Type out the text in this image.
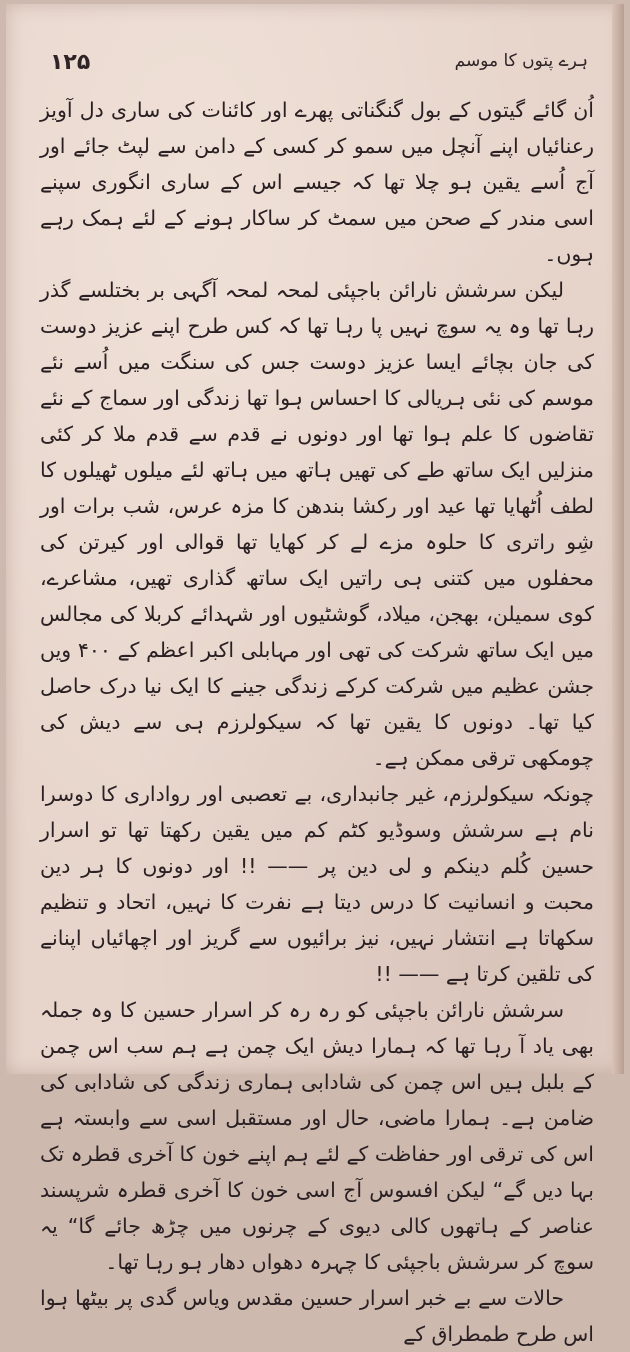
۱۲۵	ہرے پتوں کا موسم

اُن گائے گیتوں کے بول گنگناتی پھرے اور کائنات کی ساری دل آویز رعنائیاں اپنے آنچل میں سمو کر کسی کے دامن سے لپٹ جائے اور آج اُسے یقین ہو چلا تھا کہ جیسے اس کے ساری انگوری سپنے اسی مندر کے صحن میں سمٹ کر ساکار ہونے کے لئے ہمک رہے ہوں۔

لیکن سرشش نارائن باجپئی لمحہ لمحہ آگہی بر بختلسے گذر رہا تھا وہ یہ سوچ نہیں پا رہا تھا کہ کس طرح اپنے عزیز دوست کی جان بچائے ایسا عزیز دوست جس کی سنگت میں اُسے نئے موسم کی نئی ہریالی کا احساس ہوا تھا زندگی اور سماج کے نئے تقاضوں کا علم ہوا تھا اور دونوں نے قدم سے قدم ملا کر کئی منزلیں ایک ساتھ طے کی تھیں ہاتھ میں ہاتھ لئے میلوں ٹھیلوں کا لطف اُٹھایا تھا عید اور رکشا بندھن کا مزہ عرس، شب برات اور شِو راتری کا حلوہ مزے لے کر کھایا تھا قوالی اور کیرتن کی محفلوں میں کتنی ہی راتیں ایک ساتھ گذاری تھیں، مشاعرے، کوی سمیلن، بھجن، میلاد، گوشٹیوں اور شہدائے کربلا کی مجالس میں ایک ساتھ شرکت کی تھی اور مہابلی اکبر اعظم کے ۴۰۰ ویں جشن عظیم میں شرکت کرکے زندگی جینے کا ایک نیا درک حاصل کیا تھا۔ دونوں کا یقین تھا کہ سیکولرزم ہی سے دیش کی چومکھی ترقی ممکن ہے۔

چونکہ سیکولرزم، غیر جانبداری، بے تعصبی اور رواداری کا دوسرا نام ہے سرشش وسوڈیو کٹم کم میں یقین رکھتا تھا تو اسرار حسین کُلم دینکم و لی دین پر —— !! اور دونوں کا ہر دین محبت و انسانیت کا درس دیتا ہے نفرت کا نہیں، اتحاد و تنظیم سکھاتا ہے انتشار نہیں، نیز برائیوں سے گریز اور اچھائیاں اپنانے کی تلقین کرتا ہے —— !!

سرشش نارائن باجپئی کو رہ رہ کر اسرار حسین کا وہ جملہ بھی یاد آ رہا تھا کہ ہمارا دیش ایک چمن ہے ہم سب اس چمن کے بلبل ہیں اس چمن کی شادابی ہماری زندگی کی شادابی کی ضامن ہے۔ ہمارا ماضی، حال اور مستقبل اسی سے وابستہ ہے اس کی ترقی اور حفاظت کے لئے ہم اپنے خون کا آخری قطرہ تک بہا دیں گے“ لیکن افسوس آج اسی خون کا آخری قطرہ شرپسند عناصر کے ہاتھوں کالی دیوی کے چرنوں میں چڑھ جائے گا“ یہ سوچ کر سرشش باجپئی کا چہرہ دھواں دھار ہو رہا تھا۔

حالات سے بے خبر اسرار حسین مقدس ویاس گدی پر بیٹھا ہوا اس طرح طمطراق کے
